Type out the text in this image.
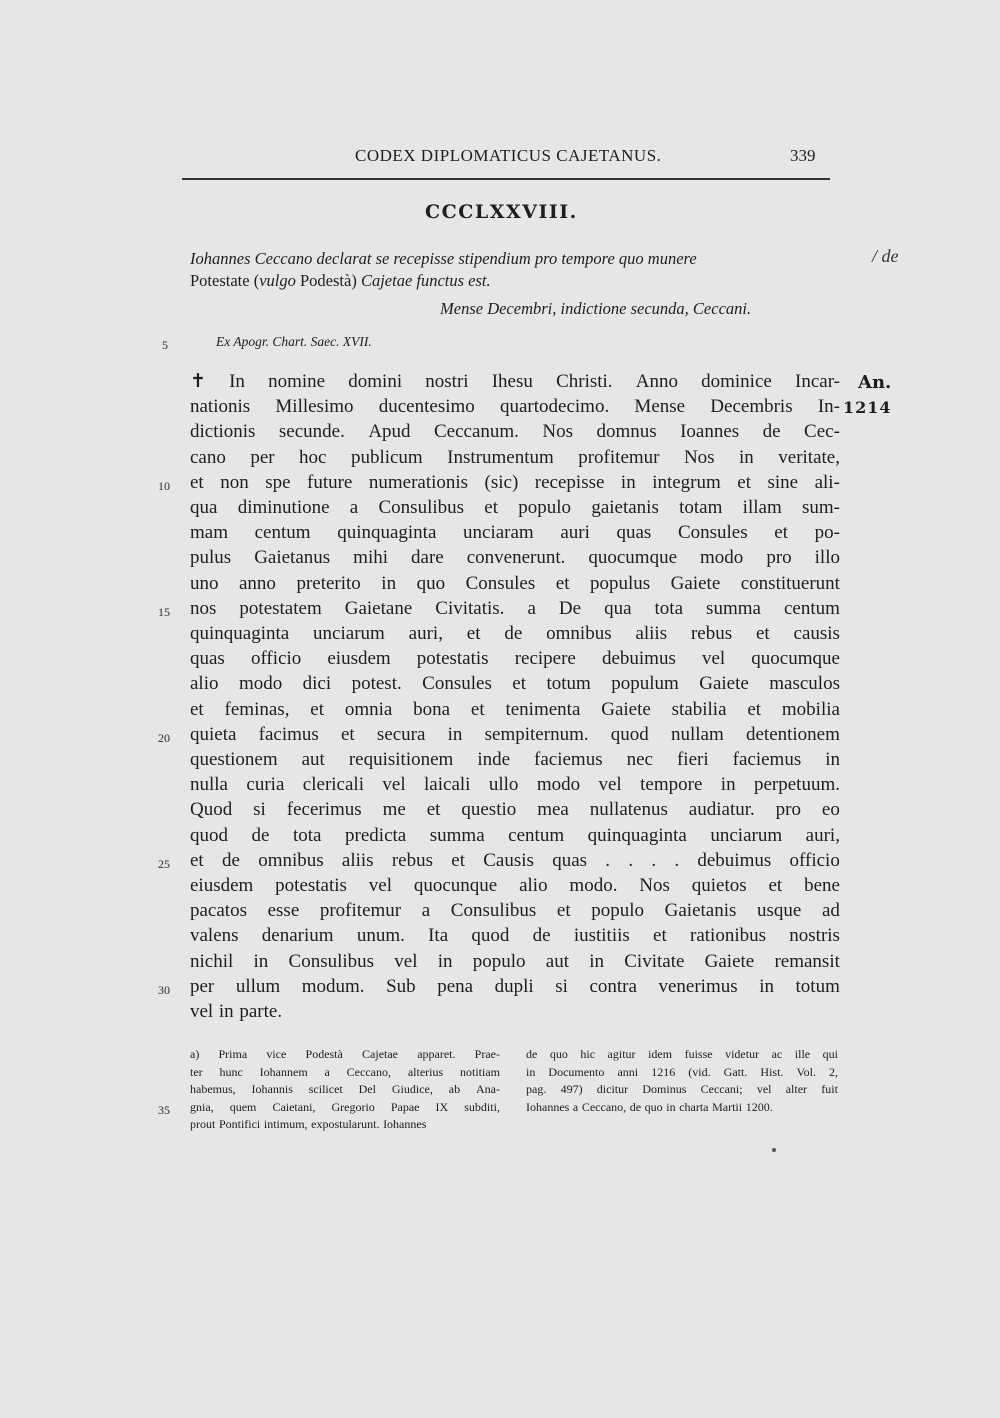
CODEX DIPLOMATICUS CAJETANUS.	339
CCCLXXVIII.
Iohannes Ceccano declarat se recepisse stipendium pro tempore quo munere
Potestate (vulgo Podestà) Cajetae functus est.
Mense Decembri, indictione secunda, Ceccani.
5	Ex Apogr. Chart. Saec. XVII.
/ de
An.
1214
✝ In nomine domini nostri Ihesu Christi. Anno dominice Incar-
nationis Millesimo ducentesimo quartodecimo. Mense Decembris In-
dictionis secunde. Apud Ceccanum. Nos domnus Ioannes de Cec-
cano per hoc publicum Instrumentum profitemur Nos in veritate,
et non spe future numerationis (sic) recepisse in integrum et sine ali-
qua diminutione a Consulibus et populo gaietanis totam illam sum-
mam centum quinquaginta unciaram auri quas Consules et po-
pulus Gaietanus mihi dare convenerunt. quocumque modo pro illo
uno anno preterito in quo Consules et populus Gaiete constituerunt
nos potestatem Gaietane Civitatis. a De qua tota summa centum
quinquaginta unciarum auri, et de omnibus aliis rebus et causis
quas officio eiusdem potestatis recipere debuimus vel quocumque
alio modo dici potest. Consules et totum populum Gaiete masculos
et feminas, et omnia bona et tenimenta Gaiete stabilia et mobilia
quieta facimus et secura in sempiternum. quod nullam detentionem
questionem aut requisitionem inde faciemus nec fieri faciemus in
nulla curia clericali vel laicali ullo modo vel tempore in perpetuum.
Quod si fecerimus me et questio mea nullatenus audiatur. pro eo
quod de tota predicta summa centum quinquaginta unciarum auri,
et de omnibus aliis rebus et Causis quas . . . . debuimus officio
eiusdem potestatis vel quocunque alio modo. Nos quietos et bene
pacatos esse profitemur a Consulibus et populo Gaietanis usque ad
valens denarium unum. Ita quod de iustitiis et rationibus nostris
nichil in Consulibus vel in populo aut in Civitate Gaiete remansit
per ullum modum. Sub pena dupli si contra venerimus in totum
vel in parte.
10
15
20
25
30
35
a) Prima vice Podestà Cajetae apparet. Prae-
ter hunc Iohannem a Ceccano, alterius notitiam
habemus, Iohannis scilicet Del Giudice, ab Ana-
gnia, quem Caietani, Gregorio Papae IX subditi,
prout Pontifici intimum, expostularunt. Iohannes
de quo hic agitur idem fuisse videtur ac ille qui
in Documento anni 1216 (vid. Gatt. Hist. Vol. 2,
pag. 497) dicitur Dominus Ceccani; vel alter fuit
Iohannes a Ceccano, de quo in charta Martii 1200.
